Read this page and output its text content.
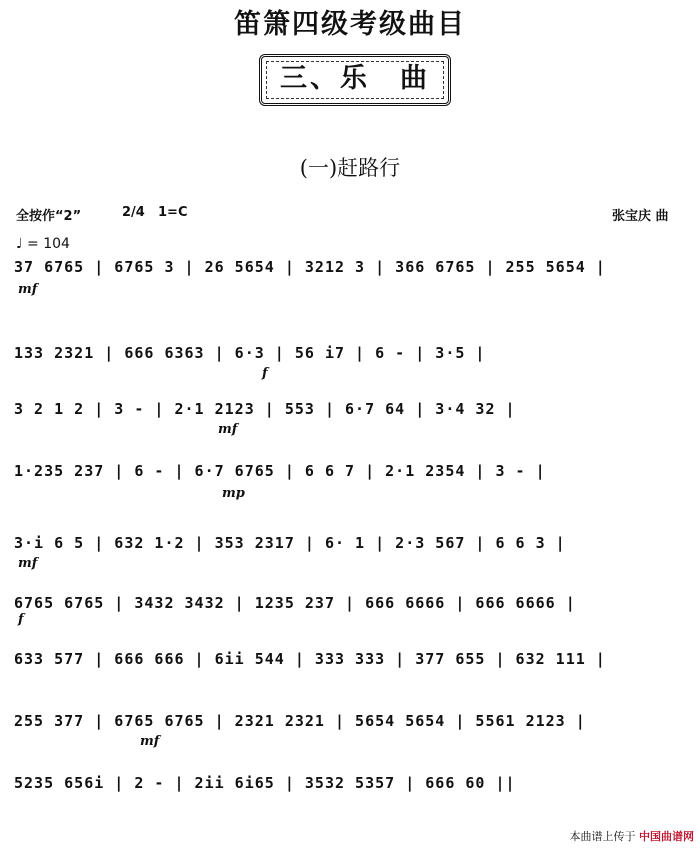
笛箫四级考级曲目
三、乐　曲
(一)赶路行
全按作“2”	2/4 1=C	张宝庆 曲
♩ = 104
37 6765 | 6765 3 | 26 5654 | 3212 3 | 366 6765 | 255 5654 |
133 2321 | 666 6363 | 6·3 | 56 i7 | 6 - | 3·5 |
3 2 1 2 | 3 - | 2·1 2123 | 553 | 6·7 64 | 3·4 32 |
1·235 237 | 6 - | 6·7 6765 | 6 6 7 | 2·1 2354 | 3 - |
3·i 6 5 | 632 1·2 | 353 2317 | 6· 1 | 2·3 567 | 6 6 3 |
6765 6765 | 3432 3432 | 1235 237 | 666 6666 | 666 6666 |
633 577 | 666 666 | 6ii 544 | 333 333 | 377 655 | 632 111 |
255 377 | 6765 6765 | 2321 2321 | 5654 5654 | 5561 2123 |
5235 656i | 2 - | 2ii 6i65 | 3532 5357 | 666 60 ||
mf
f
mf
mp
mf
f
mf
本曲谱上传于 中国曲谱网
